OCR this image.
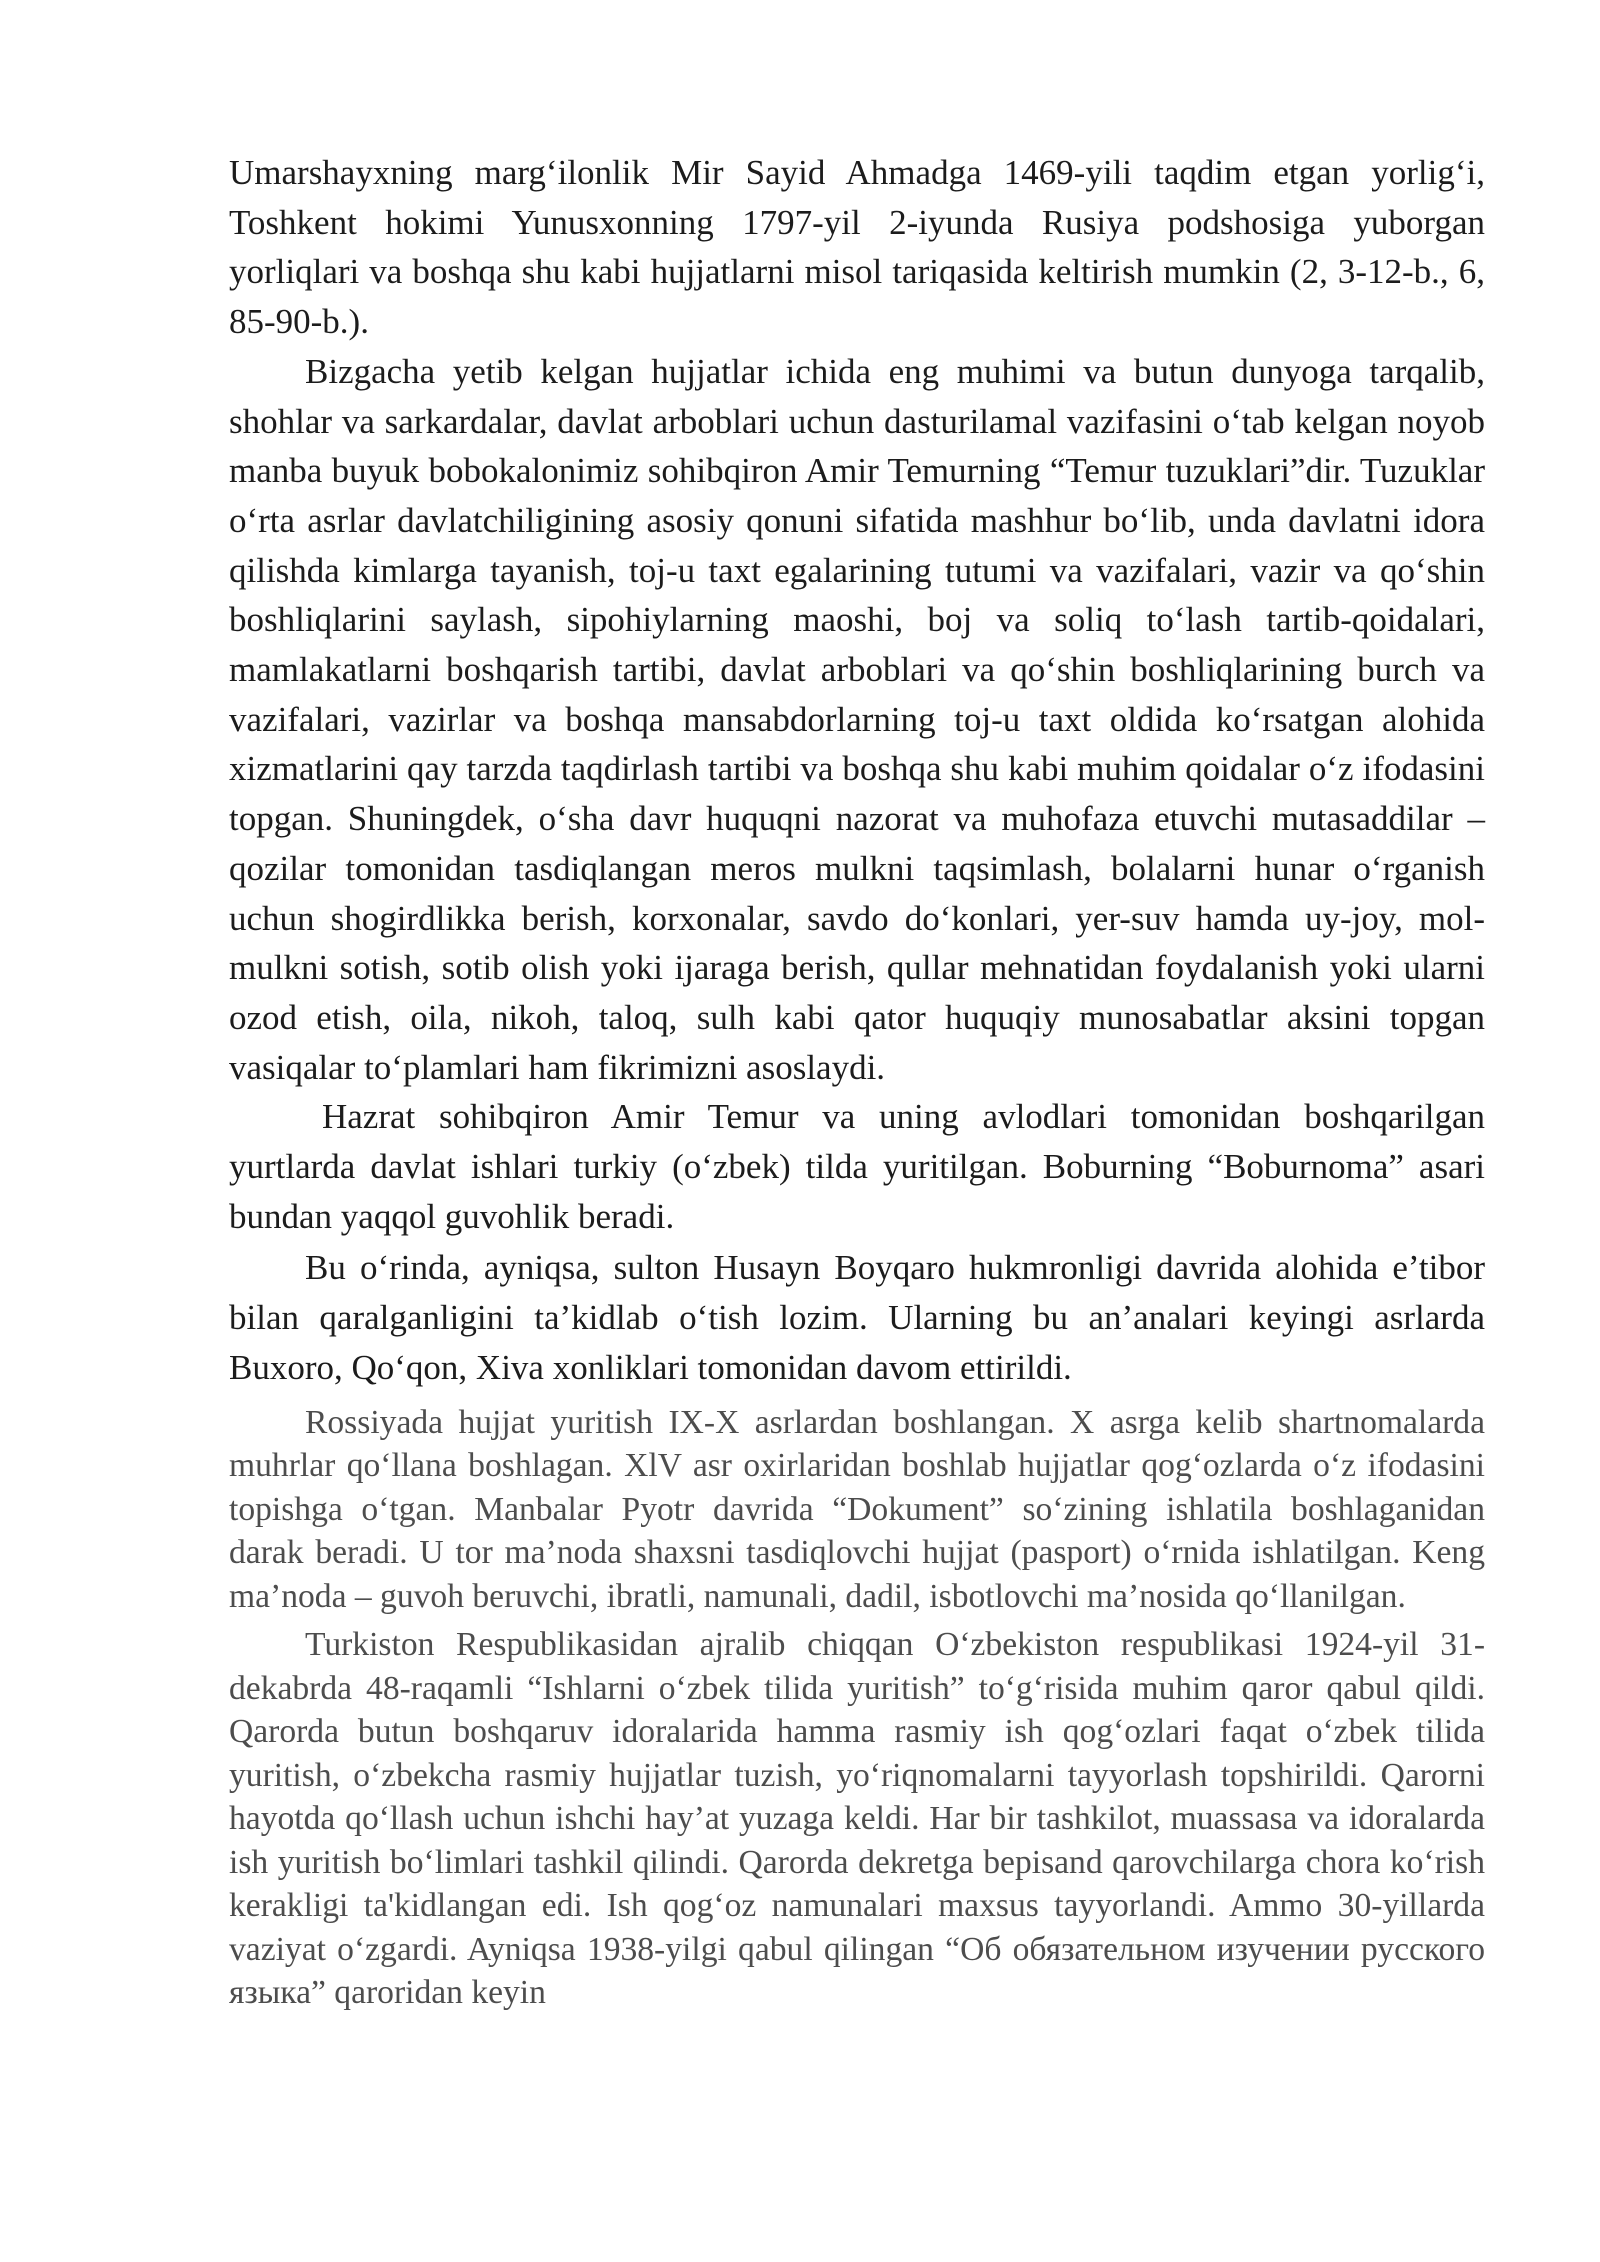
Umarshayxning marg‘ilonlik Mir Sayid Ahmadga 1469-yili taqdim etgan yorlig‘i, Toshkent hokimi Yunusxonning 1797-yil 2-iyunda Rusiya podshosiga yuborgan yorliqlari va boshqa shu kabi hujjatlarni misol tariqasida keltirish mumkin (2, 3-12-b., 6, 85-90-b.).

Bizgacha yetib kelgan hujjatlar ichida eng muhimi va butun dunyoga tarqalib, shohlar va sarkardalar, davlat arboblari uchun dasturilamal vazifasini o‘tab kelgan noyob manba buyuk bobokalonimiz sohibqiron Amir Temurning “Temur tuzuklari”dir. Tuzuklar o‘rta asrlar davlatchiligining asosiy qonuni sifatida mashhur bo‘lib, unda davlatni idora qilishda kimlarga tayanish, toj-u taxt egalarining tutumi va vazifalari, vazir va qo‘shin boshliqlarini saylash, sipohiylarning maoshi, boj va soliq to‘lash tartib-qoidalari, mamlakatlarni boshqarish tartibi, davlat arboblari va qo‘shin boshliqlarining burch va vazifalari, vazirlar va boshqa mansabdorlarning toj-u taxt oldida ko‘rsatgan alohida xizmatlarini qay tarzda taqdirlash tartibi va boshqa shu kabi muhim qoidalar o‘z ifodasini topgan. Shuningdek, o‘sha davr huquqni nazorat va muhofaza etuvchi mutasaddilar – qozilar tomonidan tasdiqlangan meros mulkni taqsimlash, bolalarni hunar o‘rganish uchun shogirdlikka berish, korxonalar, savdo do‘konlari, yer-suv hamda uy-joy, mol-mulkni sotish, sotib olish yoki ijaraga berish, qullar mehnatidan foydalanish yoki ularni ozod etish, oila, nikoh, taloq, sulh kabi qator huquqiy munosabatlar aksini topgan vasiqalar to‘plamlari ham fikrimizni asoslaydi.

Hazrat sohibqiron Amir Temur va uning avlodlari tomonidan boshqarilgan yurtlarda davlat ishlari turkiy (o‘zbek) tilda yuritilgan. Boburning “Boburnoma” asari bundan yaqqol guvohlik beradi.

Bu o‘rinda, ayniqsa, sulton Husayn Boyqaro hukmronligi davrida alohida e’tibor bilan qaralganligini ta’kidlab o‘tish lozim. Ularning bu an’analari keyingi asrlarda Buxoro, Qo‘qon, Xiva xonliklari tomonidan davom ettirildi.

Rossiyada hujjat yuritish IX-X asrlardan boshlangan. X asrga kelib shartnomalarda muhrlar qo‘llana boshlagan. XlV asr oxirlaridan boshlab hujjatlar qog‘ozlarda o‘z ifodasini topishga o‘tgan. Manbalar Pyotr davrida “Dokument” so‘zining ishlatila boshlaganidan darak beradi. U tor ma’noda shaxsni tasdiqlovchi hujjat (pasport) o‘rnida ishlatilgan. Keng ma’noda – guvoh beruvchi, ibratli, namunali, dadil, isbotlovchi ma’nosida qo‘llanilgan.

Turkiston Respublikasidan ajralib chiqqan O‘zbekiston respublikasi 1924-yil 31-dekabrda 48-raqamli “Ishlarni o‘zbek tilida yuritish” to‘g‘risida muhim qaror qabul qildi. Qarorda butun boshqaruv idoralarida hamma rasmiy ish qog‘ozlari faqat o‘zbek tilida yuritish, o‘zbekcha rasmiy hujjatlar tuzish, yo‘riqnomalarni tayyorlash topshirildi. Qarorni hayotda qo‘llash uchun ishchi hay’at yuzaga keldi. Har bir tashkilot, muassasa va idoralarda ish yuritish bo‘limlari tashkil qilindi. Qarorda dekretga bepisand qarovchilarga chora ko‘rish kerakligi ta'kidlangan edi. Ish qog‘oz namunalari maxsus tayyorlandi. Ammo 30-yillarda vaziyat o‘zgardi. Ayniqsa 1938-yilgi qabul qilingan “Об обязательном изучении русского языка” qaroridan keyin
